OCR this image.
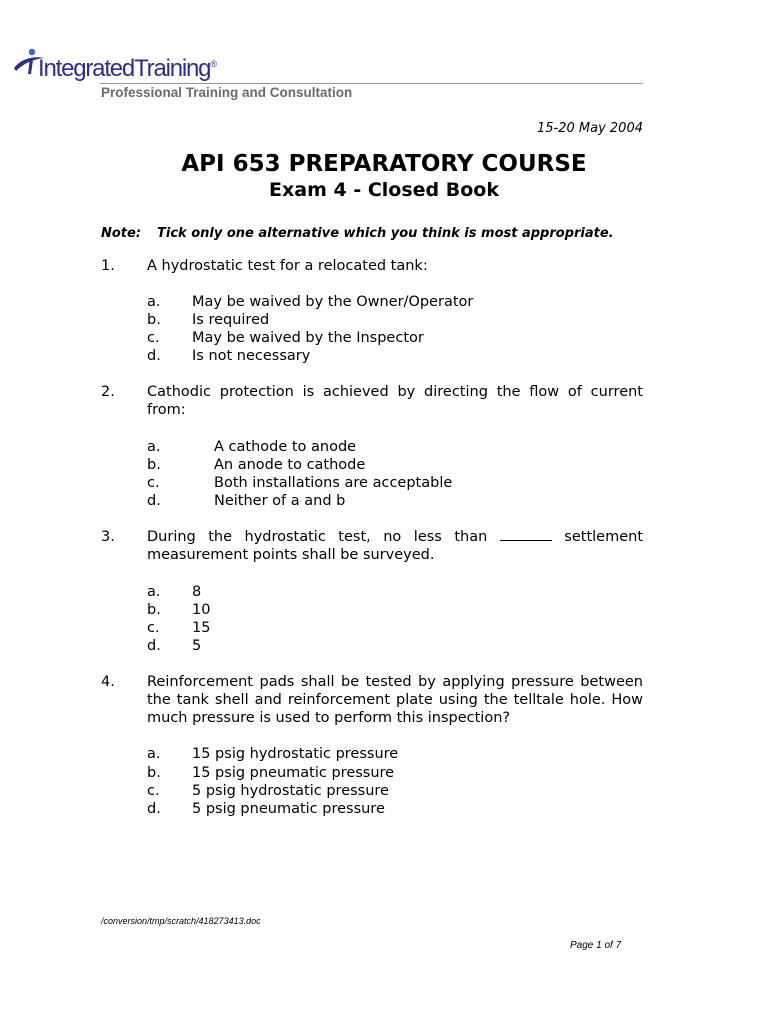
IntegratedTraining®
Professional Training and Consultation
15-20 May 2004
API 653 PREPARATORY COURSE
Exam 4 - Closed Book
Note: Tick only one alternative which you think is most appropriate.
1. A hydrostatic test for a relocated tank:
a. May be waived by the Owner/Operator
b. Is required
c. May be waived by the Inspector
d. Is not necessary
2. Cathodic protection is achieved by directing the flow of current from:
a.	A cathode to anode
b.	An anode to cathode
c.	Both installations are acceptable
d.	Neither of a and b
3. During the hydrostatic test, no less than	settlement measurement points shall be surveyed.
a. 8
b. 10
c. 15
d. 5
4. Reinforcement pads shall be tested by applying pressure between the tank shell and reinforcement plate using the telltale hole. How much pressure is used to perform this inspection?
a. 15 psig hydrostatic pressure
b. 15 psig pneumatic pressure
c. 5 psig hydrostatic pressure
d. 5 psig pneumatic pressure
/conversion/tmp/scratch/418273413.doc
Page 1 of 7
